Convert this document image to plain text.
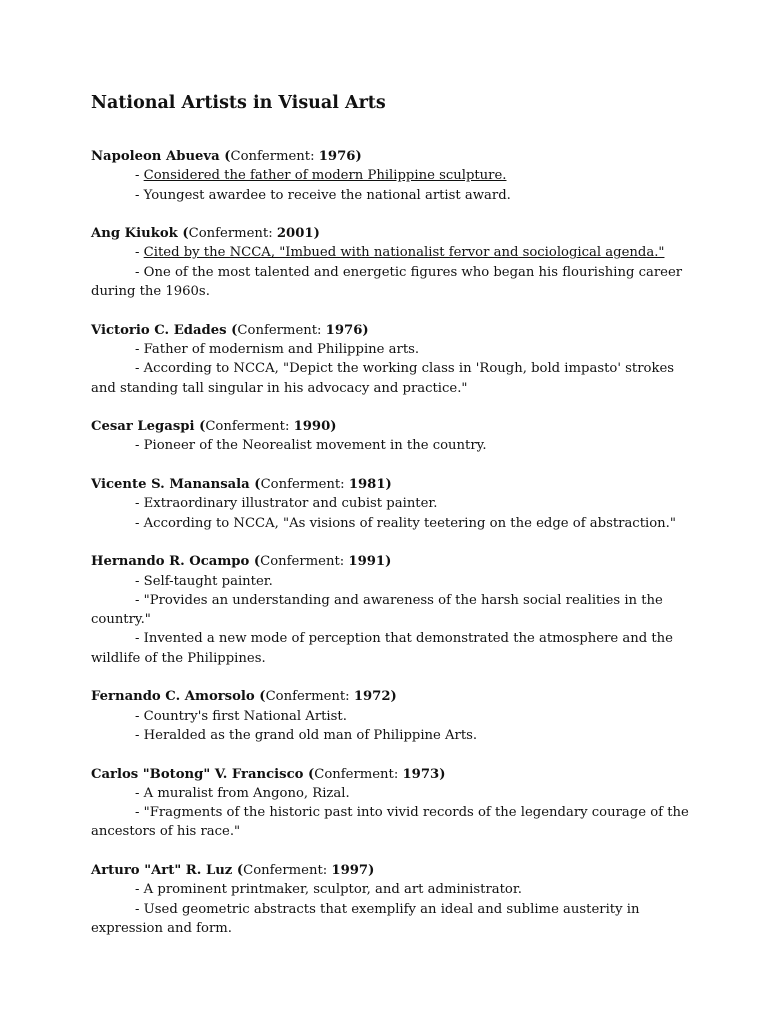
National Artists in Visual Arts
Napoleon Abueva (Conferment: 1976)

- Considered the father of modern Philippine sculpture.

- Youngest awardee to receive the national artist award.

Ang Kiukok (Conferment: 2001)

- Cited by the NCCA, "Imbued with nationalist fervor and sociological agenda."

- One of the most talented and energetic figures who began his flourishing career during the 1960s.

Victorio C. Edades (Conferment: 1976)

- Father of modernism and Philippine arts.

- According to NCCA, "Depict the working class in 'Rough, bold impasto' strokes and standing tall singular in his advocacy and practice."

Cesar Legaspi (Conferment: 1990)

- Pioneer of the Neorealist movement in the country.

Vicente S. Manansala (Conferment: 1981)

- Extraordinary illustrator and cubist painter.

- According to NCCA, "As visions of reality teetering on the edge of abstraction."

Hernando R. Ocampo (Conferment: 1991)

- Self-taught painter.

- "Provides an understanding and awareness of the harsh social realities in the country."

- Invented a new mode of perception that demonstrated the atmosphere and the wildlife of the Philippines.

Fernando C. Amorsolo (Conferment: 1972)

- Country's first National Artist.

- Heralded as the grand old man of Philippine Arts.

Carlos "Botong" V. Francisco (Conferment: 1973)

- A muralist from Angono, Rizal.

- "Fragments of the historic past into vivid records of the legendary courage of the ancestors of his race."

Arturo "Art" R. Luz (Conferment: 1997)

- A prominent printmaker, sculptor, and art administrator.

- Used geometric abstracts that exemplify an ideal and sublime austerity in expression and form.
